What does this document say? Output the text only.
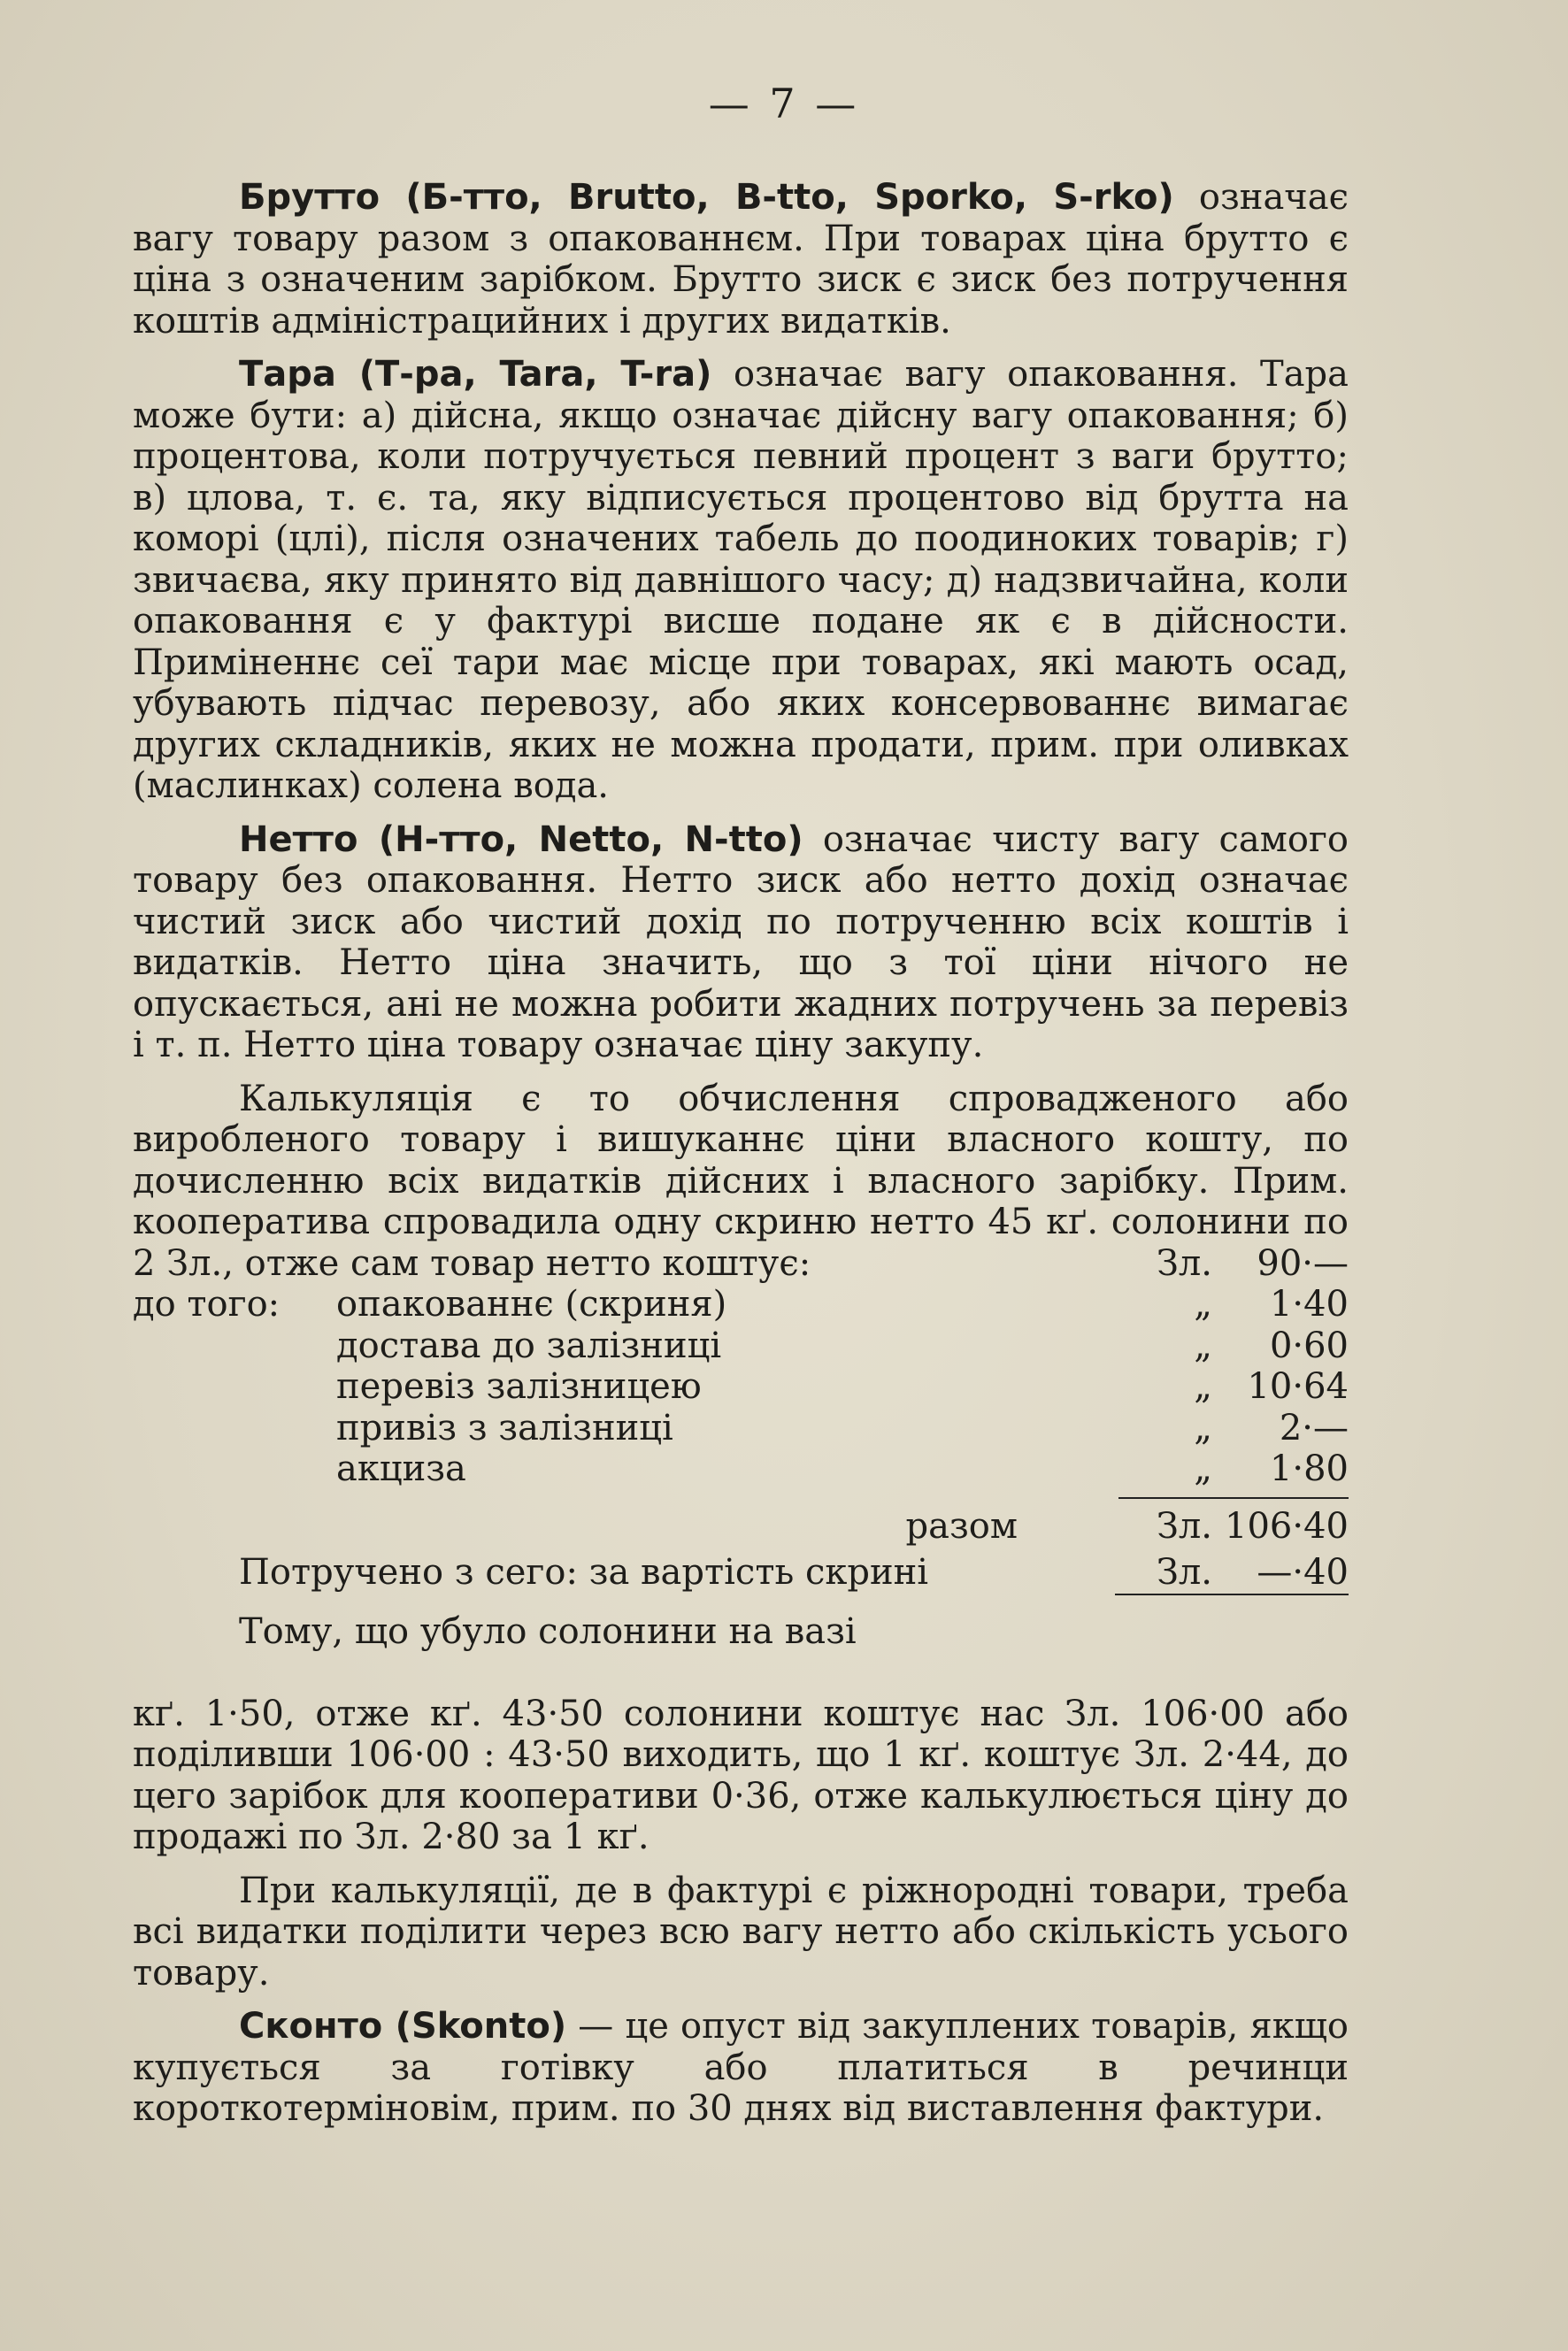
— 7 —

Брутто (Б-тто, Brutto, B-tto, Sporko, S-rko) означає вагу товару разом з опакованнєм. При товарах ціна брутто є ціна з означеним зарібком. Брутто зиск є зиск без потручення коштів адміністрацийних і других видатків.

Тара (Т-ра, Tara, T-ra) означає вагу опаковання. Тара може бути: а) дійсна, якщо означає дійсну вагу опаковання; б) процентова, коли потручується певний процент з ваги брутто; в) цлова, т. є. та, яку відписується процентово від брутта на коморі (цлі), після означених табель до поодиноких товарів; г) звичаєва, яку принято від давнішого часу; д) надзвичайна, коли опаковання є у фактурі висше подане як є в дійсности. Приміненнє сеї тари має місце при товарах, які мають осад, убувають підчас перевозу, або яких консервованнє вимагає других складників, яких не можна продати, прим. при оливках (маслинках) солена вода.

Нетто (Н-тто, Netto, N-tto) означає чисту вагу самого товару без опаковання. Нетто зиск або нетто дохід означає чистий зиск або чистий дохід по потрученню всіх коштів і видатків. Нетто ціна значить, що з тої ціни нічого не опускається, ані не можна робити жадних потручень за перевіз і т. п. Нетто ціна товару означає ціну закупу.

Калькуляція є то обчислення спровадженого або виробленого товару і вишуканнє ціни власного кошту, по дочисленню всіх видатків дійсних і власного зарібку. Прим. кооператива спровадила одну скриню нетто 45 кґ. солонини по 2 Зл., отже сам товар нетто коштує:	Зл.	90·—
до того:	опакованнє (скриня)	„	1·40
достава до залізниці	„	0·60
перевіз залізницею	„ 10·64
привіз з залізниці	„	2·—
акциза	„	1·80
разом	Зл. 106·40
Потручено з сего: за вартість скрині	Зл.	—·40
Тому, що убуло солонини на вазі

кґ. 1·50, отже кґ. 43·50 солонини коштує нас Зл. 106·00 або поділивши 106·00 : 43·50 виходить, що 1 кґ. коштує Зл. 2·44, до цего зарібок для кооперативи 0·36, отже калькулюється ціну до продажі по Зл. 2·80 за 1 кґ.

При калькуляції, де в фактурі є ріжнородні товари, треба всі видатки поділити через всю вагу нетто або скількість усього товару.

Сконто (Skonto) — це опуст від закуплених товарів, якщо купується за готівку або платиться в речинци короткотерміновім, прим. по 30 днях від виставлення фактури.
